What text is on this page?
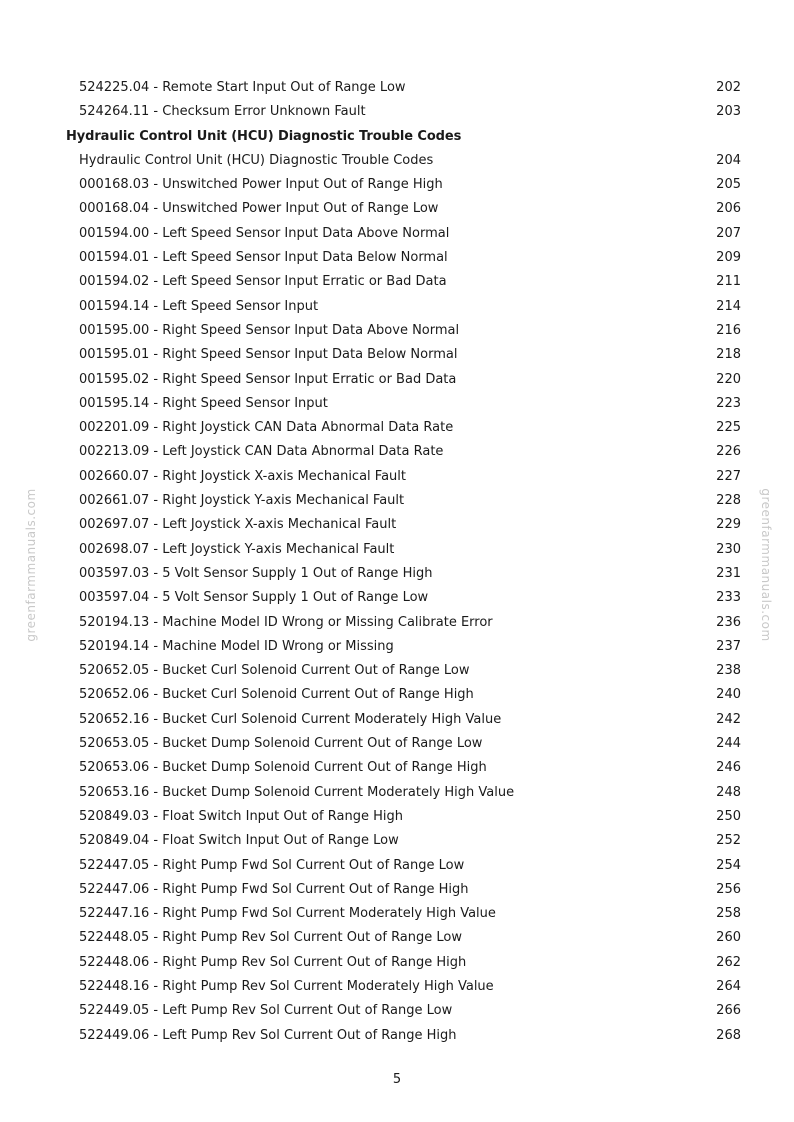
524225.04 - Remote Start Input Out of Range Low	202
524264.11 - Checksum Error Unknown Fault	203
Hydraulic Control Unit (HCU) Diagnostic Trouble Codes
Hydraulic Control Unit (HCU) Diagnostic Trouble Codes	204
000168.03 - Unswitched Power Input Out of Range High	205
000168.04 - Unswitched Power Input Out of Range Low	206
001594.00 - Left Speed Sensor Input Data Above Normal	207
001594.01 - Left Speed Sensor Input Data Below Normal	209
001594.02 - Left Speed Sensor Input Erratic or Bad Data	211
001594.14 - Left Speed Sensor Input	214
001595.00 - Right Speed Sensor Input Data Above Normal	216
001595.01 - Right Speed Sensor Input Data Below Normal	218
001595.02 - Right Speed Sensor Input Erratic or Bad Data	220
001595.14 - Right Speed Sensor Input	223
002201.09 - Right Joystick CAN Data Abnormal Data Rate	225
002213.09 - Left Joystick CAN Data Abnormal Data Rate	226
002660.07 - Right Joystick X-axis Mechanical Fault	227
002661.07 - Right Joystick Y-axis Mechanical Fault	228
002697.07 - Left Joystick X-axis Mechanical Fault	229
002698.07 - Left Joystick Y-axis Mechanical Fault	230
003597.03 - 5 Volt Sensor Supply 1 Out of Range High	231
003597.04 - 5 Volt Sensor Supply 1 Out of Range Low	233
520194.13 - Machine Model ID Wrong or Missing Calibrate Error	236
520194.14 - Machine Model ID Wrong or Missing	237
520652.05 - Bucket Curl Solenoid Current Out of Range Low	238
520652.06 - Bucket Curl Solenoid Current Out of Range High	240
520652.16 - Bucket Curl Solenoid Current Moderately High Value	242
520653.05 - Bucket Dump Solenoid Current Out of Range Low	244
520653.06 - Bucket Dump Solenoid Current Out of Range High	246
520653.16 - Bucket Dump Solenoid Current Moderately High Value	248
520849.03 - Float Switch Input Out of Range High	250
520849.04 - Float Switch Input Out of Range Low	252
522447.05 - Right Pump Fwd Sol Current Out of Range Low	254
522447.06 - Right Pump Fwd Sol Current Out of Range High	256
522447.16 - Right Pump Fwd Sol Current Moderately High Value	258
522448.05 - Right Pump Rev Sol Current Out of Range Low	260
522448.06 - Right Pump Rev Sol Current Out of Range High	262
522448.16 - Right Pump Rev Sol Current Moderately High Value	264
522449.05 - Left Pump Rev Sol Current Out of Range Low	266
522449.06 - Left Pump Rev Sol Current Out of Range High	268
5
greenfarmmanuals.com	greenfarmmanuals.com
